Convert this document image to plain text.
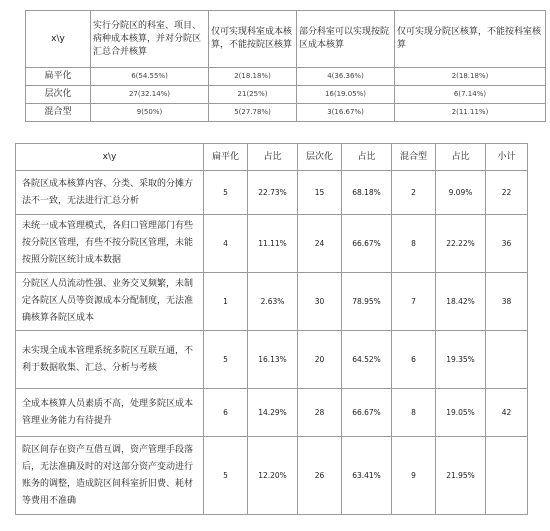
x\y	实行分院区的科室、项目、病种成本核算，并对分院区汇总合并核算	仅可实现科室成本核算，不能按院区核算	部分科室可以实现按院区成本核算	仅可实现分院区核算，不能按科室核算
扁平化	6(54.55%)	2(18.18%)	4(36.36%)	2(18.18%)
层次化	27(32.14%)	21(25%)	16(19.05%)	6(7.14%)
混合型	9(50%)	5(27.78%)	3(16.67%)	2(11.11%)
x\y	扁平化	占比	层次化	占比	混合型	占比	小计
各院区成本核算内容、分类、采取的分摊方法不一致，无法进行汇总分析	5	22.73%	15	68.18%	2	9.09%	22
未统一成本管理模式，各归口管理部门有些按分院区管理，有些不按分院区管理，未能按照分院区统计成本数据	4	11.11%	24	66.67%	8	22.22%	36
分院区人员流动性强、业务交叉频繁，未制定各院区人员等资源成本分配制度，无法准确核算各院区成本	1	2.63%	30	78.95%	7	18.42%	38
未实现全成本管理系统多院区互联互通，不利于数据收集、汇总、分析与考核	5	16.13%	20	64.52%	6	19.35%	
全成本核算人员素质不高，处理多院区成本管理业务能力有待提升	6	14.29%	28	66.67%	8	19.05%	42
院区间存在资产互借互调，资产管理手段落后，无法准确及时的对这部分资产变动进行账务的调整，造成院区间科室折旧费、耗材等费用不准确	5	12.20%	26	63.41%	9	21.95%	
